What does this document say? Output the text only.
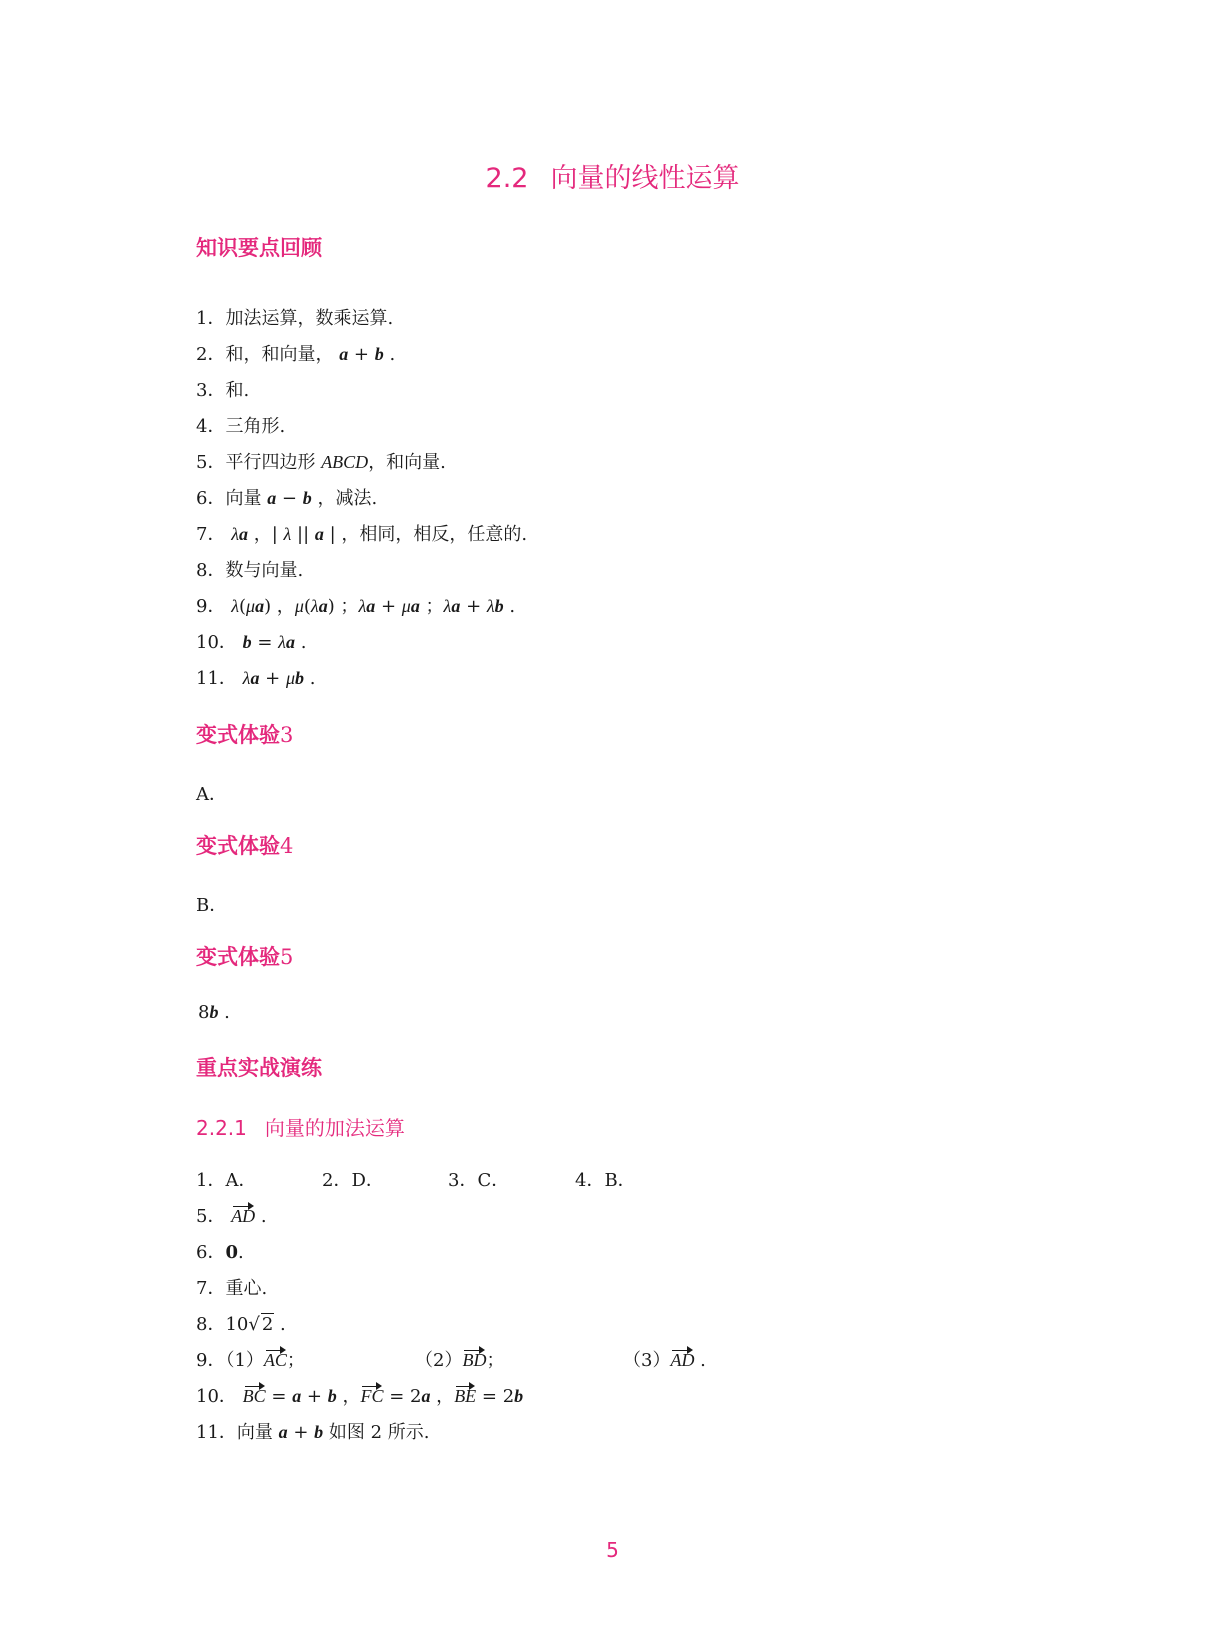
2.2 向量的线性运算
知识要点回顾
1．加法运算，数乘运算.
2．和，和向量， a + b .
3．和.
4．三角形.
5．平行四边形 ABCD，和向量.
6．向量 a − b ，减法.
7． λa ，| λ || a | ，相同，相反，任意的.
8．数与向量.
9． λ(μa) ，μ(λa) ；λa + μa ；λa + λb .
10． b = λa .
11． λa + μb .
变式体验3
A．
变式体验4
B．
变式体验5
8b .
重点实战演练
2.2.1 向量的加法运算
1．A．	2．D．	3．C．	4．B．
5． AD .
6．0.
7．重心.
8．10√ 2 .
9．（1）AC；	（2）BD；	（3）AD .
10． BC = a + b ，FC = 2a ，BE = 2b
11．向量 a + b 如图 2 所示.
5
